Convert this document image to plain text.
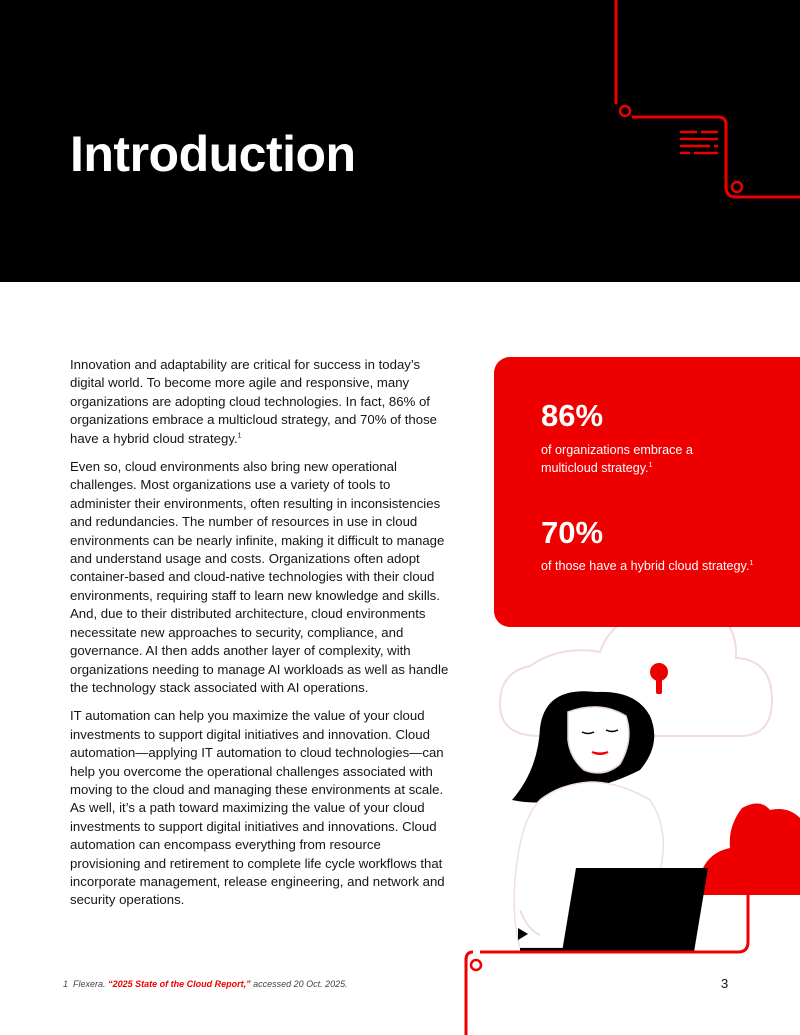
Introduction

Innovation and adaptability are critical for success in today’s digital world. To become more agile and responsive, many organizations are adopting cloud technologies. In fact, 86% of organizations embrace a multicloud strategy, and 70% of those have a hybrid cloud strategy.$^1$

Even so, cloud environments also bring new operational challenges. Most organizations use a variety of tools to administer their environments, often resulting in inconsistencies and redundancies. The number of resources in use in cloud environments can be nearly infinite, making it difficult to manage and understand usage and costs. Organizations often adopt container-based and cloud-native technologies with their cloud environments, requiring staff to learn new knowledge and skills. And, due to their distributed architecture, cloud environments necessitate new approaches to security, compliance, and governance. AI then adds another layer of complexity, with organizations needing to manage AI workloads as well as handle the technology stack associated with AI operations.

IT automation can help you maximize the value of your cloud investments to support digital initiatives and innovation. Cloud automation—applying IT automation to cloud technologies—can help you overcome the operational challenges associated with moving to the cloud and managing these environments at scale. As well, it’s a path toward maximizing the value of your cloud investments to support digital initiatives and innovations. Cloud automation can encompass everything from resource provisioning and retirement to complete life cycle workflows that incorporate management, release engineering, and network and security operations.

86%
of organizations embrace a multicloud strategy.$^1$
70%
of those have a hybrid cloud strategy.$^1$
1 Flexera. “2025 State of the Cloud Report,” accessed 20 Oct. 2025.	3
